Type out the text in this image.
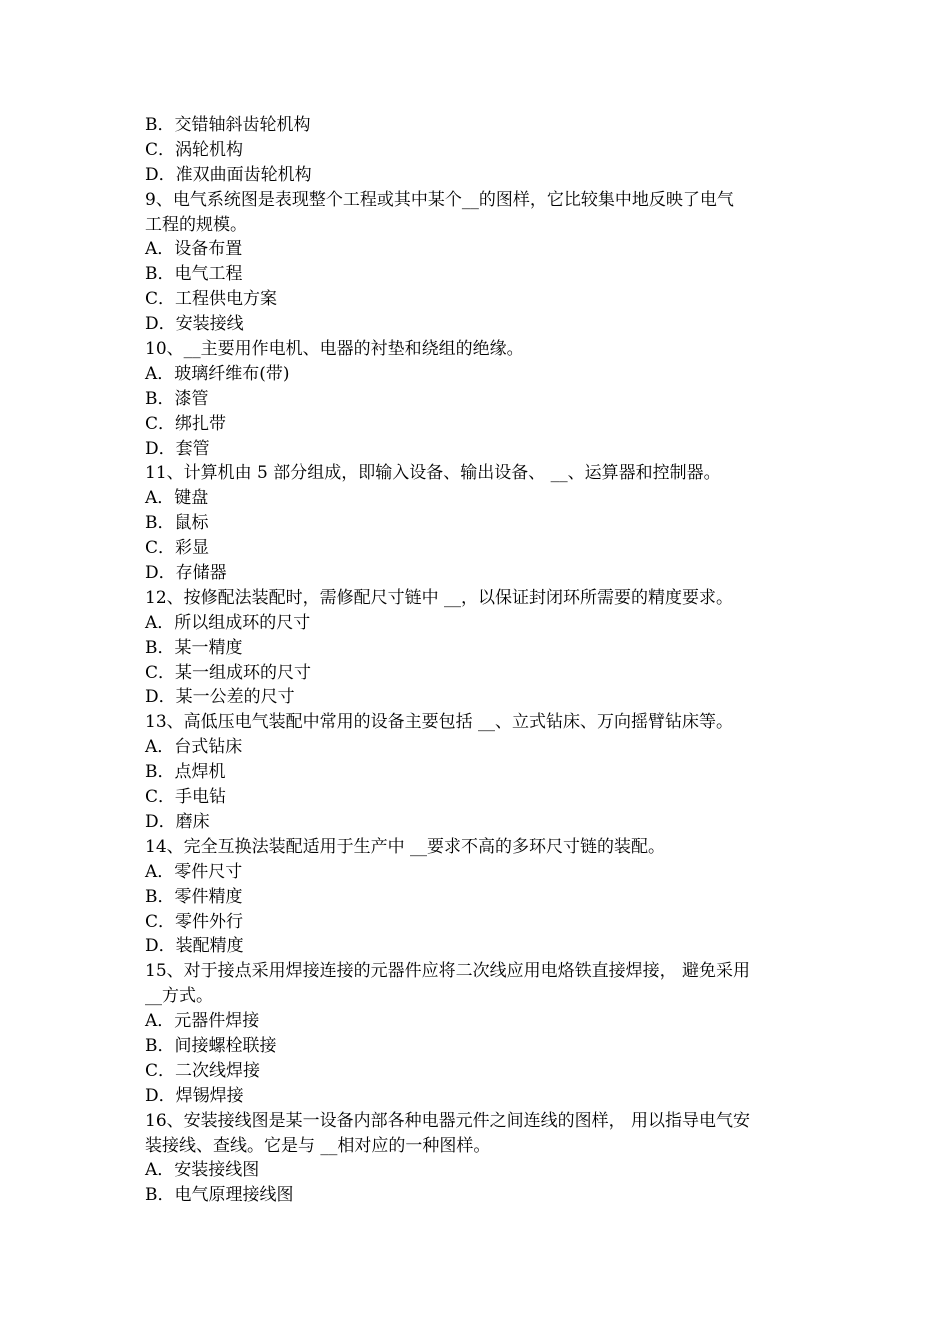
B．交错轴斜齿轮机构
C．涡轮机构
D．准双曲面齿轮机构
9、电气系统图是表现整个工程或其中某个__的图样，它比较集中地反映了电气
工程的规模。
A．设备布置
B．电气工程
C．工程供电方案
D．安装接线
10、__主要用作电机、电器的衬垫和绕组的绝缘。
A．玻璃纤维布(带)
B．漆管
C．绑扎带
D．套管
11、计算机由 5 部分组成，即输入设备、输出设备、 __、运算器和控制器。
A．键盘
B．鼠标
C．彩显
D．存储器
12、按修配法装配时，需修配尺寸链中 __，以保证封闭环所需要的精度要求。
A．所以组成环的尺寸
B．某一精度
C．某一组成环的尺寸
D．某一公差的尺寸
13、高低压电气装配中常用的设备主要包括 __、立式钻床、万向摇臂钻床等。
A．台式钻床
B．点焊机
C．手电钻
D．磨床
14、完全互换法装配适用于生产中 __要求不高的多环尺寸链的装配。
A．零件尺寸
B．零件精度
C．零件外行
D．装配精度
15、对于接点采用焊接连接的元器件应将二次线应用电烙铁直接焊接， 避免采用
__方式。
A．元器件焊接
B．间接螺栓联接
C．二次线焊接
D．焊锡焊接
16、安装接线图是某一设备内部各种电器元件之间连线的图样， 用以指导电气安
装接线、查线。它是与 __相对应的一种图样。
A．安装接线图
B．电气原理接线图
